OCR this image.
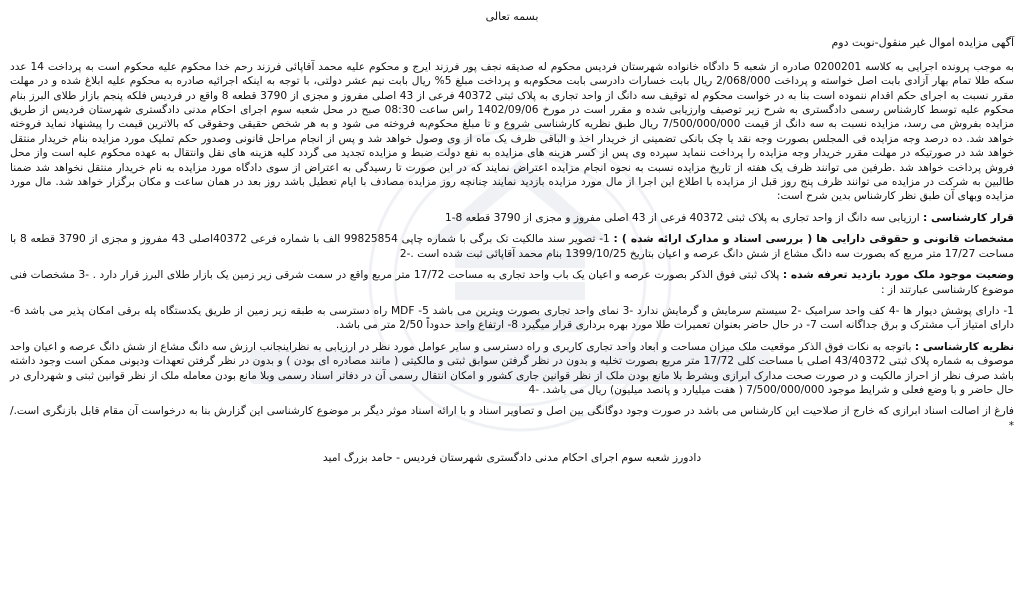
بسمه تعالی
آگهی مزایده اموال غیر منقول-نوبت دوم

به موجب پرونده اجرایی به کلاسه 0200201 صادره از شعبه 5 دادگاه خانواده شهرستان فردیس محکوم له صدیقه نجف پور فرزند ایرج و محکوم علیه محمد آقاپائی فرزند رحم خدا محکوم علیه محکوم است به پرداخت 14 عدد سکه طلا تمام بهار آزادی بابت اصل خواسته و پرداخت 2/068/000 ریال بابت خسارات دادرسی بابت محکوم‌به و پرداخت مبلغ 5% ریال بابت نیم عشر دولتی، با توجه به اینکه اجرائیه صادره به محکوم علیه ابلاغ شده و در مهلت مقرر نسبت به اجرای حکم اقدام ننموده است بنا به در خواست محکوم له توقیف سه دانگ از واحد تجاری به پلاک ثبتی 40372 فرعی از 43 اصلی مفروز و مجزی از 3790 قطعه 8 واقع در فردیس فلکه پنجم بازار طلای البرز بنام محکوم علیه توسط کارشناس رسمی دادگستری به شرح زیر توصیف وارزیابی شده و مقرر است در مورخ 1402/09/06 راس ساعت 08:30 صبح در محل شعبه سوم اجرای احکام مدنی دادگستری شهرستان فردیس از طریق مزایده بفروش می رسد، مزایده نسبت به سه دانگ از قیمت 7/500/000/000 ریال طبق نظریه کارشناسی شروع و تا مبلغ محکوم‌به فروخته می شود و به هر شخص حقیقی وحقوقی که بالاترین قیمت را پیشنهاد نماید فروخته خواهد شد. ده درصد وجه مزایده فی المجلس بصورت وجه نقد یا چک بانکی تضمینی از خریدار اخذ و الباقی ظرف یک ماه از وی وصول خواهد شد و پس از انجام مراحل قانونی وصدور حکم تملیک مورد مزایده بنام خریدار منتقل خواهد شد در صورتیکه در مهلت مقرر خریدار وجه مزایده را پرداخت ننماید سپرده وی پس از کسر هزینه های مزایده به نفع دولت ضبط و مزایده تجدید می گردد کلیه هزینه های نقل وانتقال به عهده محکوم علیه است واز محل فروش پرداخت خواهد شد .طرفین می توانند ظرف یک هفته از تاریخ مزایده نسبت به نحوه انجام مزایده اعتراض نمایند که در این صورت تا رسیدگی به اعتراض از سوی دادگاه مورد مزایده به نام خریدار منتقل نخواهد شد ضمنا طالبین به شرکت در مزایده می توانند ظرف پنج روز قبل از مزایده با اطلاع این اجرا از مال مورد مزایده بازدید نمایند چنانچه روز مزایده مصادف با ایام تعطیل باشد روز بعد در همان ساعت و مکان برگزار خواهد شد. مال مورد مزایده وبهای آن طبق نظر کارشناس بدین شرح است:

قرار کارشناسی : ارزیابی سه دانگ از واحد تجاری به پلاک ثبتی 40372 فرعی از 43 اصلی مفروز و مجزی از 3790 قطعه 8-1
مشخصات قانونی و حقوقی دارایی ها ( بررسی اسناد و مدارک ارائه شده ) : 1- تصویر سند مالکیت تک برگی با شماره چاپی 99825854 الف با شماره فرعی 40372اصلی 43 مفروز و مجزی از 3790 قطعه 8 با مساحت 17/27 متر مربع که بصورت سه دانگ مشاع از شش دانگ عرصه و اعیان بتاریخ 1399/10/25 بنام محمد آقاپائی ثبت شده است .-2
وضعیت موجود ملک مورد بازدید تعرفه شده : پلاک ثبتی فوق الذکر بصورت عرصه و اعیان یک باب واحد تجاری به مساحت 17/72 متر مربع واقع در سمت شرقی زیر زمین یک بازار طلای البرز قرار دارد . -3 مشخصات فنی موضوع کارشناسی عبارتند از :
1- دارای پوشش دیوار ها -4 کف واحد سرامیک -2 سیستم سرمایش و گرمایش ندارد -3 نمای واحد تجاری بصورت ویترین می باشد MDF -5 راه دسترسی به طبقه زیر زمین از طریق یکدستگاه پله برقی امکان پذیر می باشد 6- دارای امتیاز آب مشترک و برق جداگانه است 7- در حال حاضر بعنوان تعمیرات طلا مورد بهره برداری قرار میگیرد 8- ارتفاع واحد حدوداً 2/50 متر می باشد.
نظریه کارشناسی : باتوجه به نکات فوق الذکر موقعیت ملک میزان مساحت و ابعاد واحد تجاری کاربری و راه دسترسی و سایر عوامل مورد نظر در ارزیابی به نظراینجانب ارزش سه دانگ مشاع از شش دانگ عرصه و اعیان واحد موصوف به شماره پلاک ثبتی 43/40372 اصلی با مساحت کلی 17/72 متر مربع بصورت تخلیه و بدون در نظر گرفتن سوابق ثبتی و مالکیتی ( مانند مصادره ای بودن ) و بدون در نظر گرفتن تعهدات ودیونی ممکن است وجود داشته باشد صرف نظر از احراز مالکیت و در صورت صحت مدارک ابرازی وبشرط بلا مانع بودن ملک از نظر قوانین جاری کشور و امکان انتقال رسمی آن در دفاتر اسناد رسمی وبلا مانع بودن معامله ملک از نظر قوانین ثبتی و شهرداری در حال حاضر و با وضع فعلی و شرایط موجود 7/500/000/000 ( هفت میلیارد و پانصد میلیون) ریال می باشد. -4

فارغ از اصالت اسناد ابرازی که خارج از صلاحیت این کارشناس می باشد در صورت وجود دوگانگی بین اصل و تصاویر اسناد و با ارائه اسناد موثر دیگر بر موضوع کارشناسی این گزارش بنا به درخواست آن مقام قابل بازنگری است./ *

دادورز شعبه سوم اجرای احکام مدنی دادگستری شهرستان فردیس - حامد بزرگ امید
